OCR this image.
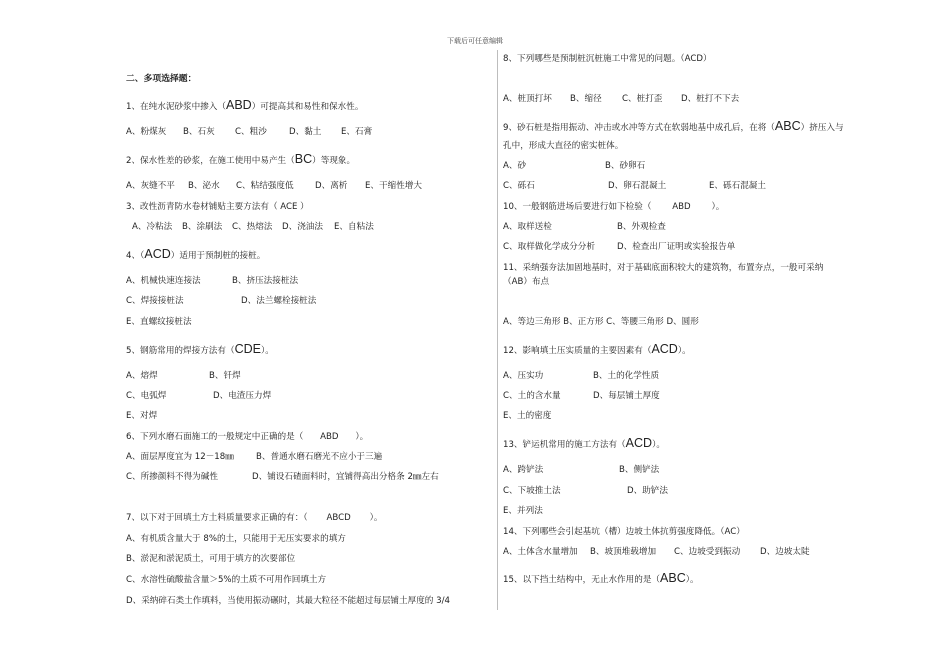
下载后可任意编辑
二、多项选择题：
1、在纯水泥砂浆中掺入（ABD）可提高其和易性和保水性。
A、粉煤灰 B、石灰 C、粗沙	D、黏土 E、石膏
2、保水性差的砂浆，在施工使用中易产生（BC）等现象。
A、灰缝不平 B、泌水 C、粘结强度低 D、离析 E、干缩性增大
3、改性沥青防水卷材铺贴主要方法有（ ACE ）
A、冷粘法 B、涂刷法 C、热熔法 D、浇油法 E、自粘法
4、（ACD）适用于预制桩的接桩。
A、机械快速连接法	B、挤压法接桩法
C、焊接接桩法	D、法兰螺栓接桩法
E、直螺纹接桩法
5、钢筋常用的焊接方法有（CDE）。
A、熔焊	B、钎焊
C、电弧焊	D、电渣压力焊
E、对焊
6、下列水磨石面施工的一般规定中正确的是（ ABD ）。
A、面层厚度宜为 12－18㎜	B、普通水磨石磨光不应小于三遍
C、所掺颜料不得为碱性	D、铺设石碴面料时，宜铺得高出分格条 2㎜左右
7、以下对于回填土方土料质量要求正确的有：（ ABCD ）。
A、有机质含量大于 8%的土，只能用于无压实要求的填方
B、淤泥和淤泥质土，可用于填方的次要部位
C、水溶性硫酸盐含量＞5%的土质不可用作回填土方
D、采纳碎石类土作填料，当使用振动碾时，其最大粒径不能超过每层铺土厚度的 3/4
8、下列哪些是预制桩沉桩施工中常见的问题。（ACD）
A、桩顶打坏 B、缩径 C、桩打歪 D、桩打不下去
9、砂石桩是指用振动、冲击或水冲等方式在软弱地基中成孔后，在将（ABC）挤压入与
孔中，形成大直径的密实桩体。
A、砂	B、砂卵石
C、砾石	D、卵石混凝土	E、砾石混凝土
10、一般钢筋进场后要进行如下检验（ ABD ）。
A、取样送检	B、外观检查
C、取样做化学成分分析	D、检查出厂证明或实验报告单
11、采纳强夯法加固地基时，对于基础底面积较大的建筑物，布置夯点，一般可采纳
（AB）布点
A、等边三角形 B、正方形 C、等腰三角形 D、圆形
12、影响填土压实质量的主要因素有（ACD）。
A、压实功	B、土的化学性质
C、土的含水量	D、每层铺土厚度
E、土的密度
13、铲运机常用的施工方法有（ACD）。
A、跨铲法	B、侧铲法
C、下坡推土法	D、助铲法
E、并列法
14、下列哪些会引起基坑（槽）边坡土体抗剪强度降低。（AC）
A、土体含水量增加 B、坡顶堆载增加 C、边坡受到振动 D、边坡太陡
15、以下挡土结构中，无止水作用的是（ABC）。
